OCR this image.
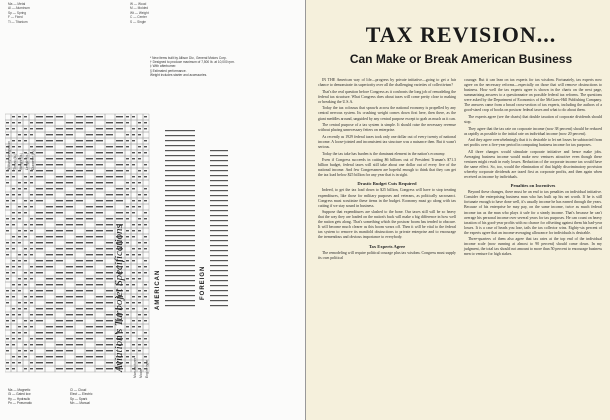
Ma — Metal
Al — Aluminum
Sp — Spring
F — Fixed
Ti — Titanium
W — Wood
M — Molded
Wt — Weight
C — Center
S — Single
* New items built by Allison Div., General Motors Corp.
† Designed to produce maximum of 7,500 lb. at 10,000 rpm.
‡ With afterburner.
§ Estimated performance.
Weight includes starter and accessories.
Aviation's Turbojet Specifications	AMERICAN	FOREIGN
Manufacturer Model Engine type
Military designation Thrust (lb.) Weight (lb.) Length (in.) Diameter (in.)
Ma — Magnetic
Gl — Gated low
Hy — Hydraulic
Pn — Pneumatic
Cl — Cloud
Elect — Electric
Sp — Spark
Mn — Manual
TAX REVISION...
Can Make or Break American Business

IN THE American way of life—progress by private initiative—going to get a fair chance to demonstrate its superiority over all the challenging varieties of collectivism?

That's the real question before Congress as it confronts the long job of remodeling the federal tax structure. What Congress does about taxes will come pretty close to making or breaking the U.S.A.

Today the tax colossus that sprawls across the national economy is propelled by any central nervous system. Its crushing weight comes down first here, then there, as the giant meddles around, unguided by any central purpose except to grab as much as it can.

The central purpose of a tax system is simple. It should raise the necessary revenue without placing unnecessary fetters on enterprise.

As recently as 1929 federal taxes took only one dollar out of every twenty of national income. A loose-jointed and inconsistent tax structure was a nuisance then. But it wasn't serious.

Today the tax take has burden is the dominant element in the nation's economy.

Even if Congress succeeds in cutting $6 billions out of President Truman's $71.3 billion budget, federal taxes will still take about one dollar out of every five of the national income. And few Congressmen are hopeful enough to think that they can get the tax load below $25 billion for any year that is in sight.

Drastic Budget Cuts Required

Indeed, to get the tax load down to $25 billion, Congress will have to stop treating expenditures, like those for military purposes and veterans, as politically sacrosanct. Congress must scrutinize these items in the budget. Economy must go along with tax cutting if we stay sound in business.

Suppose that expenditures are slashed to the bone. Our taxes still will be so heavy that the way they are loaded on the nation's back will make a big difference in how well the nation gets along. That's something which the postwar boom has tended to obscure. It will become much clearer as this boom wears off. Then it will be vital to the federal tax system to remove its manifold obstructions to private enterprise and to encourage the tremendous and obvious importance to everybody.

Tax Experts Agree

The remodeling will require political courage plus tax wisdom. Congress must supply its own political

courage. But it can lean on tax experts for tax wisdom. Fortunately, tax experts now agree on the necessary reforms—especially on those that will remove obstructions to business. How well the tax experts agree is shown in the charts on the next page, summarizing answers to a questionnaire on possible federal tax reforms. The questions were asked by the Department of Economics of the McGraw-Hill Publishing Company. The answers came from a broad cross-section of tax experts, including the authors of a good-sized crop of books on postwar federal taxes and what to do about them.

The experts agree (see the charts) that double taxation of corporate dividends should stop.

They agree that the tax rate on corporate income (now 38 percent) should be reduced as rapidly as possible to the initial rate on individual income (now 20 percent).

And they agree overwhelmingly that it is desirable to let net losses be subtracted from net profits over a five-year period in computing business income for tax purposes.

All three changes would stimulate corporate initiative and hence make jobs. Averaging business income would make new ventures attractive even though these ventures might result in early losses. Reduction of the corporate income tax would have the same effect. So, too, would the elimination of that highly discriminatory provision whereby corporate dividends are taxed first as corporate profits, and then again when received as income by individuals.

Penalties on Incentives

Beyond these changes, there must be an end to tax penalties on individual initiative. Consider the enterprising business man who has built up his net worth. If he is still fortunate enough to have done well, it's usually income he has earned through the years. Because of his enterprise he may pay, on the same income, twice as much federal income tax as the man who plays it safe for a steady income. That's because he can't average his personal income over several years for tax purposes. He can count on heavy taxation of his good-year profits with no chance for offsetting against them his bad-year losses. It is a case of heads you lose, tails the tax collector wins. Eighty-six percent of the experts agree that an income-averaging allowance for individuals is desirable.

Three-quarters of them also agree that tax rates at the top end of the individual income scale (now running at almost to 90 percent) should come down. In my judgment, the total tax should not amount to more than 50 percent to encourage business men to venture for high stakes.
